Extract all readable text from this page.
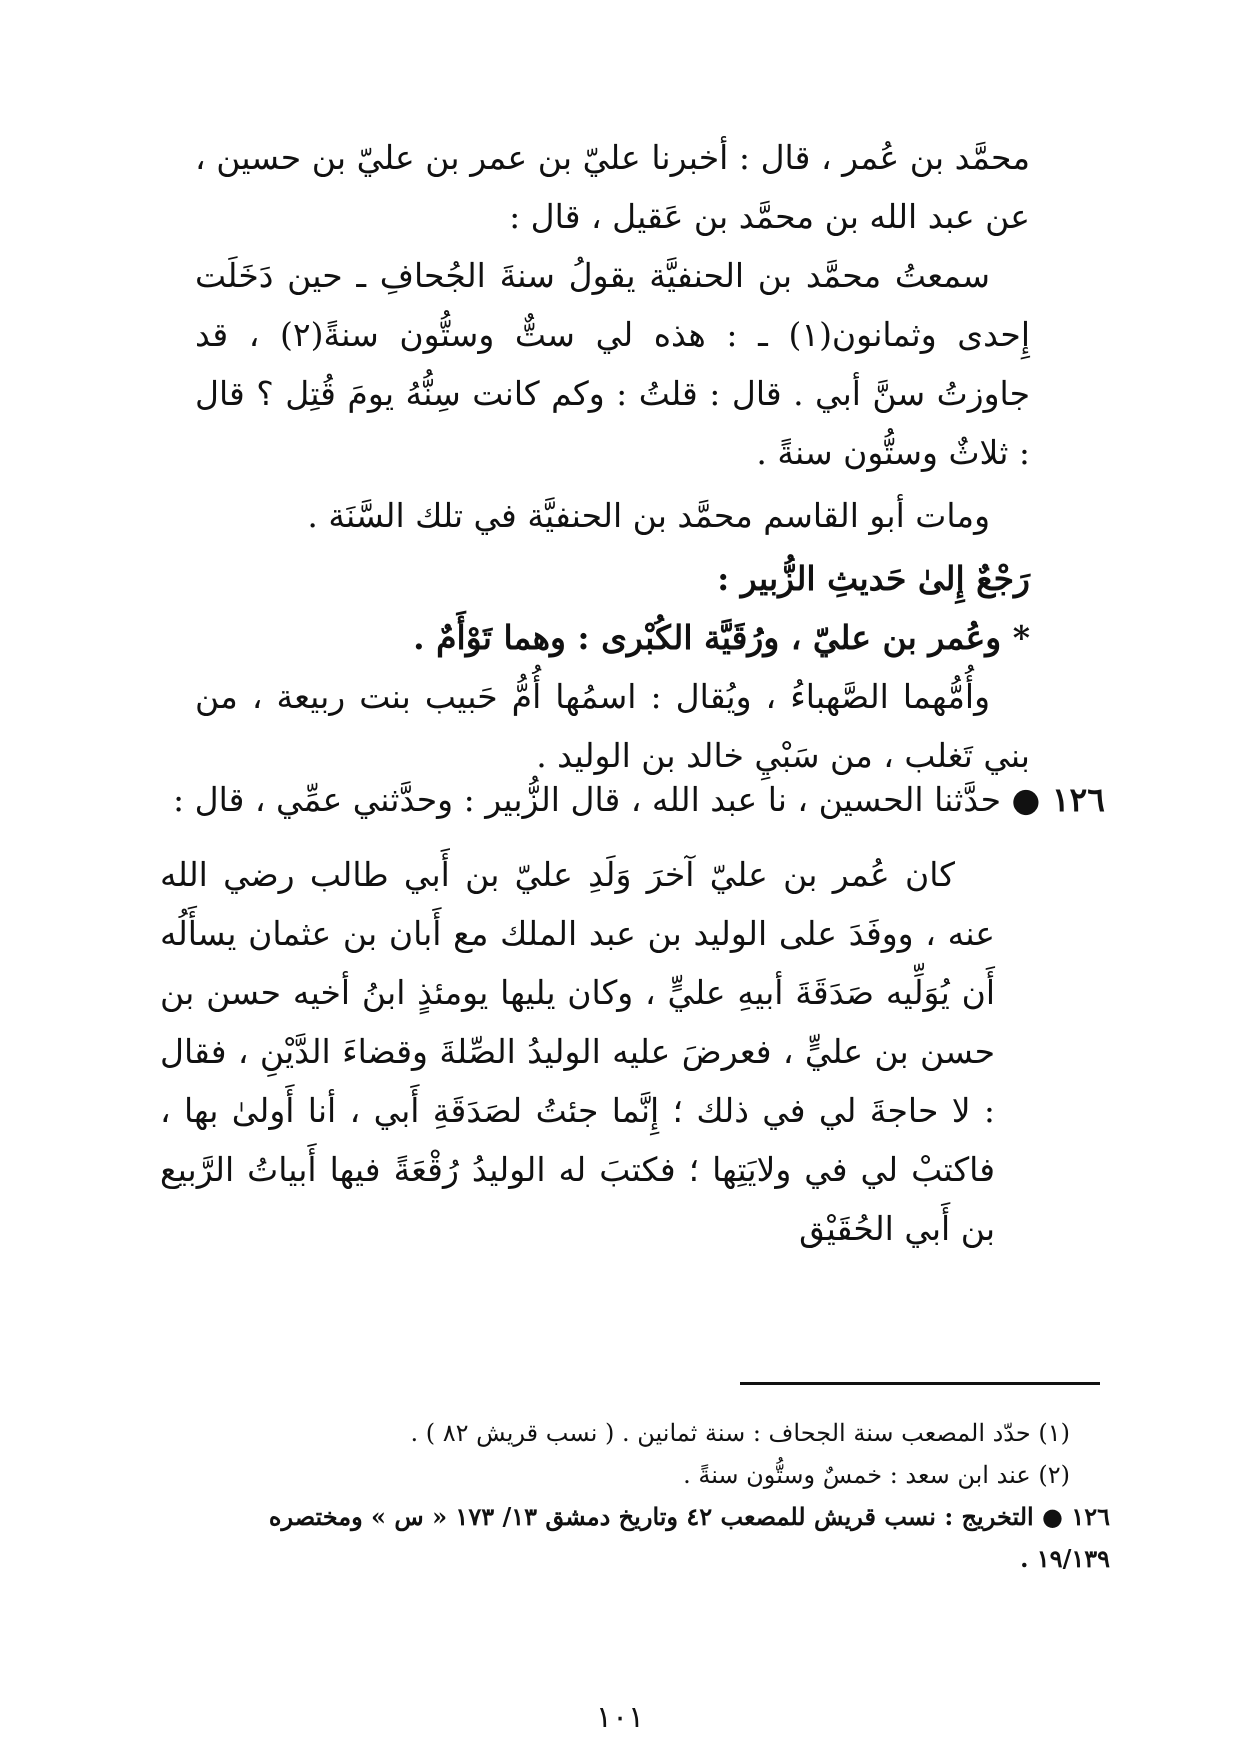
محمَّد بن عُمر ، قال : أخبرنا عليّ بن عمر بن عليّ بن حسين ، عن عبد الله بن محمَّد بن عَقيل ، قال :

سمعتُ محمَّد بن الحنفيَّة يقولُ سنةَ الجُحافِ ـ حين دَخَلَت إِحدى وثمانون(١) ـ : هذه لي ستٌّ وستُّون سنةً(٢) ، قد جاوزتُ سنَّ أبي . قال : قلتُ : وكم كانت سِنُّهُ يومَ قُتِل ؟ قال : ثلاثٌ وستُّون سنةً .

ومات أبو القاسم محمَّد بن الحنفيَّة في تلك السَّنَة .

رَجْعٌ إِلىٰ حَديثِ الزُّبير :

* وعُمر بن عليّ ، ورُقَيَّة الكُبْرى : وهما تَوْأَمٌ .

وأُمُّهما الصَّهباءُ ، ويُقال : اسمُها أُمُّ حَبيب بنت ربيعة ، من بني تَغلب ، من سَبْيِ خالد بن الوليد .

١٢٦ ● حدَّثنا الحسين ، نا عبد الله ، قال الزُّبير : وحدَّثني عمِّي ، قال :

كان عُمر بن عليّ آخرَ وَلَدِ عليّ بن أَبي طالب رضي الله عنه ، ووفَدَ على الوليد بن عبد الملك مع أَبان بن عثمان يسأَلُه أَن يُوَلِّيه صَدَقَةَ أبيهِ عليٍّ ، وكان يليها يومئذٍ ابنُ أخيه حسن بن حسن بن عليٍّ ، فعرضَ عليه الوليدُ الصِّلةَ وقضاءَ الدَّيْنِ ، فقال : لا حاجةَ لي في ذلك ؛ إِنَّما جئتُ لصَدَقَةِ أَبي ، أنا أَولىٰ بها ، فاكتبْ لي في ولايَتِها ؛ فكتبَ له الوليدُ رُقْعَةً فيها أَبياتُ الرَّبيع بن أَبي الحُقَيْق

(١) حدّد المصعب سنة الجحاف : سنة ثمانين . ( نسب قريش ٨٢ ) .

(٢) عند ابن سعد : خمسٌ وستُّون سنةً .

١٢٦ ● التخريج : نسب قريش للمصعب ٤٢ وتاريخ دمشق ١٣/ ١٧٣ « س » ومختصره ١٩/١٣٩ .

١٠١
